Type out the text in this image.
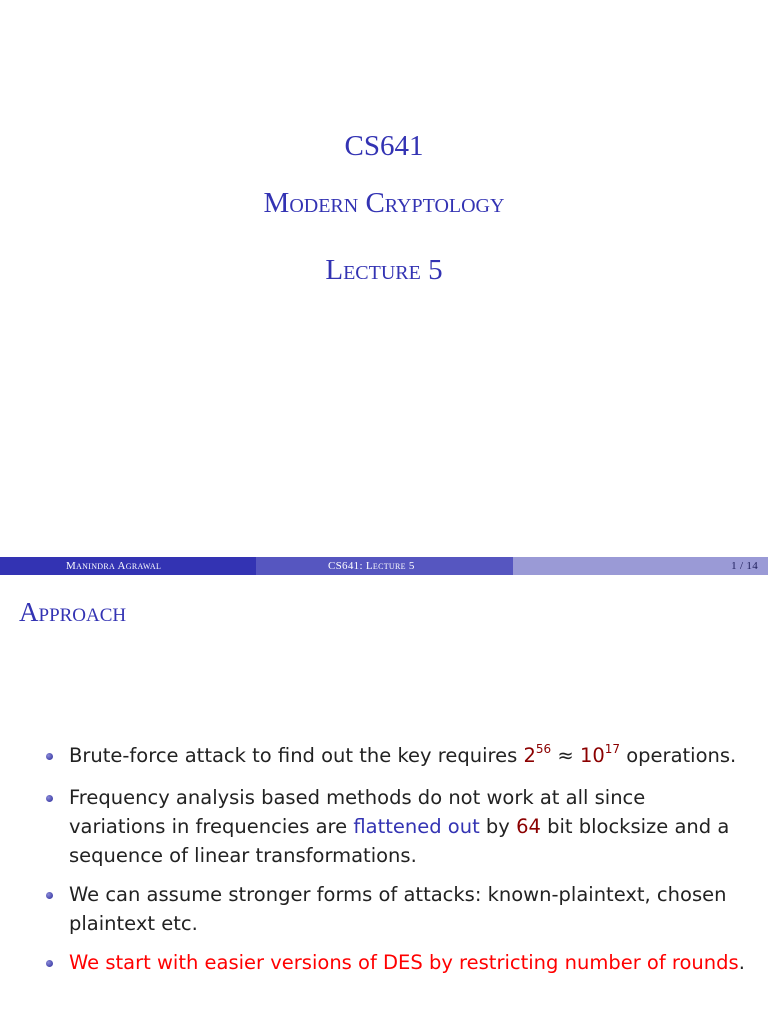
CS641
Modern Cryptology
Lecture 5
Manindra Agrawal	CS641: Lecture 5	1 / 14
Approach
Brute-force attack to find out the key requires $2^{56} \approx 10^{17}$ operations.
Frequency analysis based methods do not work at all since variations in frequencies are flattened out by 64 bit blocksize and a sequence of linear transformations.
We can assume stronger forms of attacks: known-plaintext, chosen plaintext etc.
We start with easier versions of DES by restricting number of rounds.
